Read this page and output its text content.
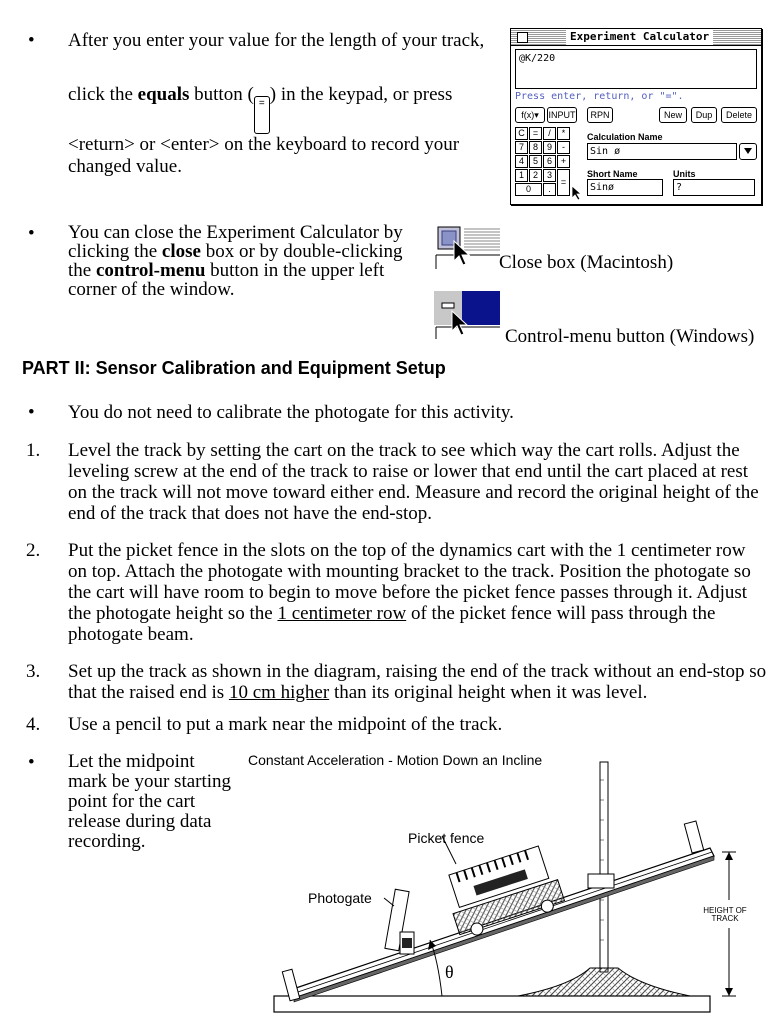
• After you enter your value for the length of your track,
click the equals button ( = ) in the keypad, or press
<return> or <enter> on the keyboard to record your
changed value.
Experiment Calculator
@K/220
Press enter, return, or "=".
f(x)▾	INPUT	RPN	New	Dup	Delete
C =	/	*
7 8 9	-
4 5 6 +
1 2 3
0	.
=
Calculation Name
Sin ø
Short Name
Sinø
Units
?
• You can close the Experiment Calculator by
clicking the close box or by double-clicking
the control-menu button in the upper left
corner of the window.
Close box (Macintosh)
Control-menu button (Windows)
PART II: Sensor Calibration and Equipment Setup
• You do not need to calibrate the photogate for this activity.
1. Level the track by setting the cart on the track to see which way the cart rolls. Adjust the
leveling screw at the end of the track to raise or lower that end until the cart placed at rest
on the track will not move toward either end. Measure and record the original height of the
end of the track that does not have the end-stop.
2. Put the picket fence in the slots on the top of the dynamics cart with the 1 centimeter row
on top. Attach the photogate with mounting bracket to the track. Position the photogate so
the cart will have room to begin to move before the picket fence passes through it. Adjust
the photogate height so the 1 centimeter row of the picket fence will pass through the
photogate beam.
3. Set up the track as shown in the diagram, raising the end of the track without an end-stop so
that the raised end is 10 cm higher than its original height when it was level.
4. Use a pencil to put a mark near the midpoint of the track.
• Let the midpoint
mark be your starting
point for the cart
release during data
recording.
Constant Acceleration - Motion Down an Incline
Picket fence
Photogate
HEIGHT OF
TRACK
θ
